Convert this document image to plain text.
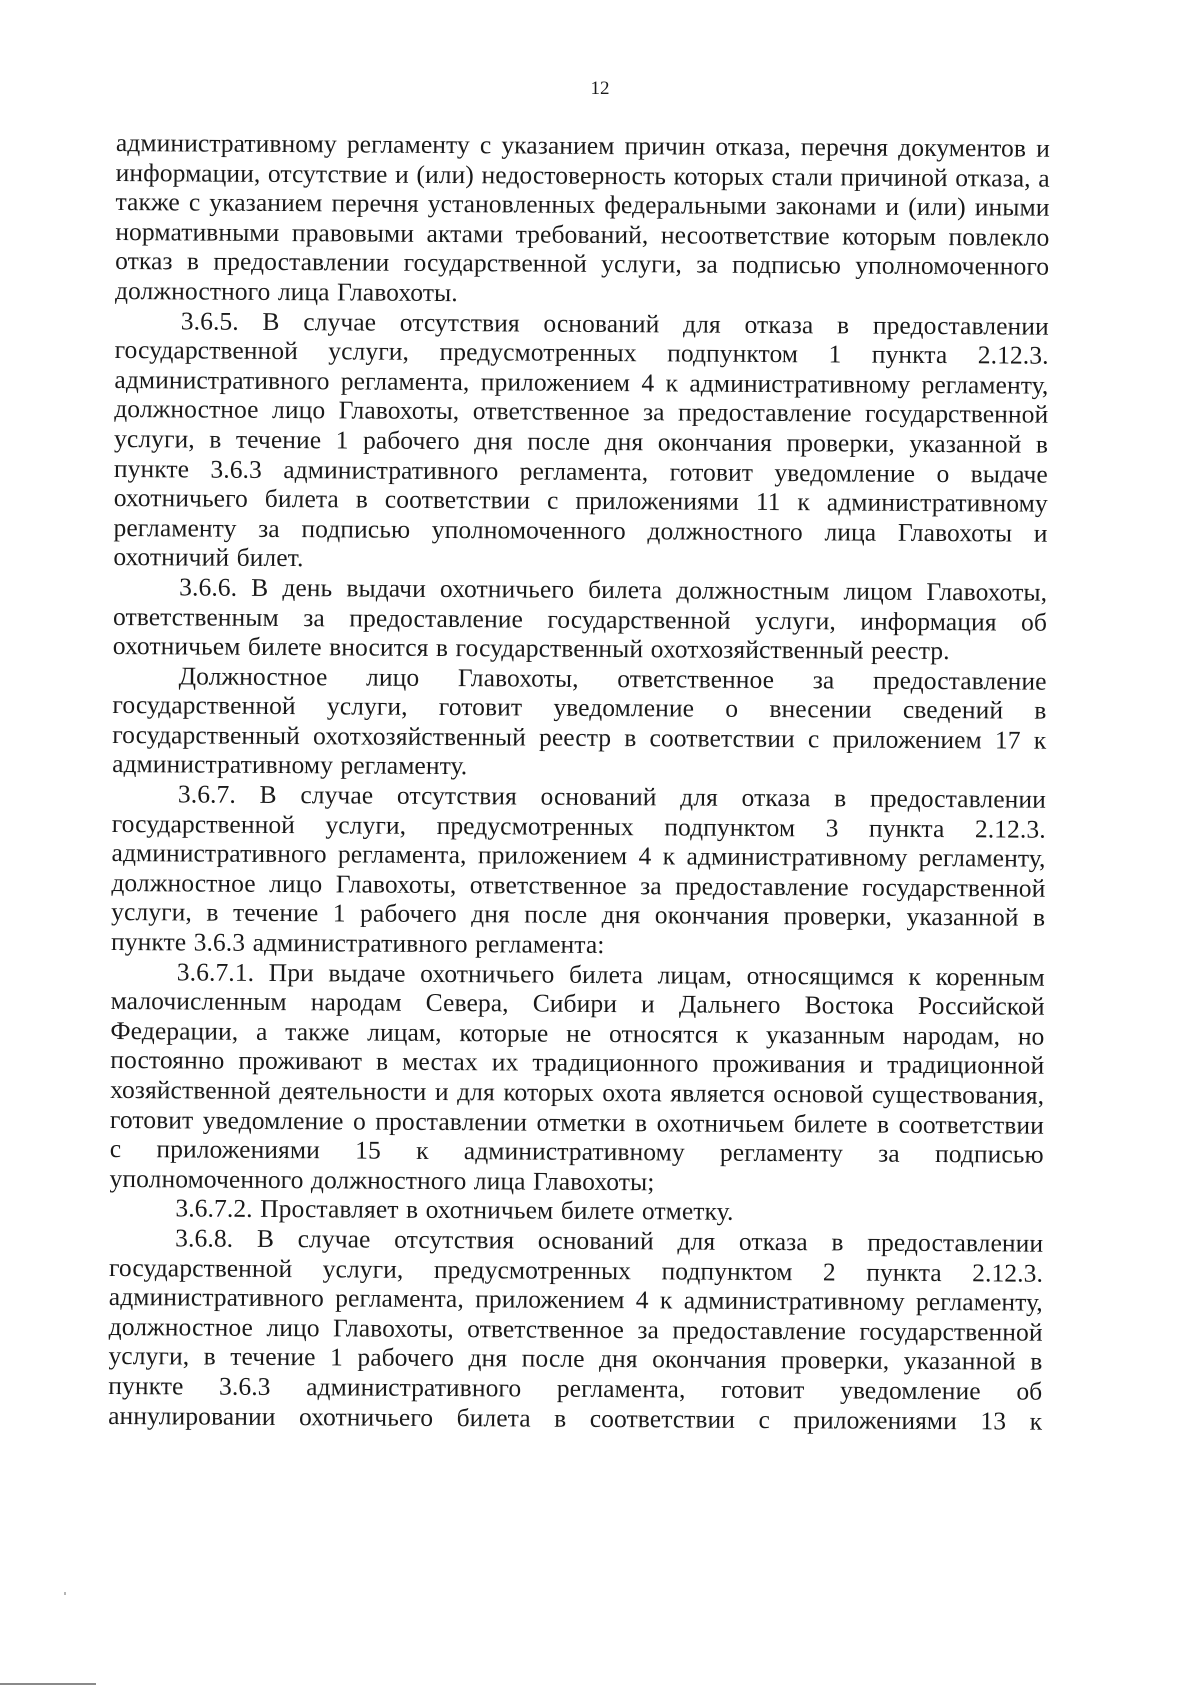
12

административному регламенту с указанием причин отказа, перечня документов и информации, отсутствие и (или) недостоверность которых стали причиной отказа, а также с указанием перечня установленных федеральными законами и (или) иными нормативными правовыми актами требований, несоответствие которым повлекло отказ в предоставлении государственной услуги, за подписью уполномоченного должностного лица Главохоты.

3.6.5. В случае отсутствия оснований для отказа в предоставлении государственной услуги, предусмотренных подпунктом 1 пункта 2.12.3. административного регламента, приложением 4 к административному регламенту, должностное лицо Главохоты, ответственное за предоставление государственной услуги, в течение 1 рабочего дня после дня окончания проверки, указанной в пункте 3.6.3 административного регламента, готовит уведомление о выдаче охотничьего билета в соответствии с приложениями 11 к административному регламенту за подписью уполномоченного должностного лица Главохоты и охотничий билет.

3.6.6. В день выдачи охотничьего билета должностным лицом Главохоты, ответственным за предоставление государственной услуги, информация об охотничьем билете вносится в государственный охотхозяйственный реестр.

Должностное лицо Главохоты, ответственное за предоставление государственной услуги, готовит уведомление о внесении сведений в государственный охотхозяйственный реестр в соответствии с приложением 17 к административному регламенту.

3.6.7. В случае отсутствия оснований для отказа в предоставлении государственной услуги, предусмотренных подпунктом 3 пункта 2.12.3. административного регламента, приложением 4 к административному регламенту, должностное лицо Главохоты, ответственное за предоставление государственной услуги, в течение 1 рабочего дня после дня окончания проверки, указанной в пункте 3.6.3 административного регламента:

3.6.7.1. При выдаче охотничьего билета лицам, относящимся к коренным малочисленным народам Севера, Сибири и Дальнего Востока Российской Федерации, а также лицам, которые не относятся к указанным народам, но постоянно проживают в местах их традиционного проживания и традиционной хозяйственной деятельности и для которых охота является основой существования, готовит уведомление о проставлении отметки в охотничьем билете в соответствии с приложениями 15 к административному регламенту за подписью уполномоченного должностного лица Главохоты;

3.6.7.2. Проставляет в охотничьем билете отметку.

3.6.8. В случае отсутствия оснований для отказа в предоставлении государственной услуги, предусмотренных подпунктом 2 пункта 2.12.3. административного регламента, приложением 4 к административному регламенту, должностное лицо Главохоты, ответственное за предоставление государственной услуги, в течение 1 рабочего дня после дня окончания проверки, указанной в пункте 3.6.3 административного регламента, готовит уведомление об аннулировании охотничьего билета в соответствии с приложениями 13 к
